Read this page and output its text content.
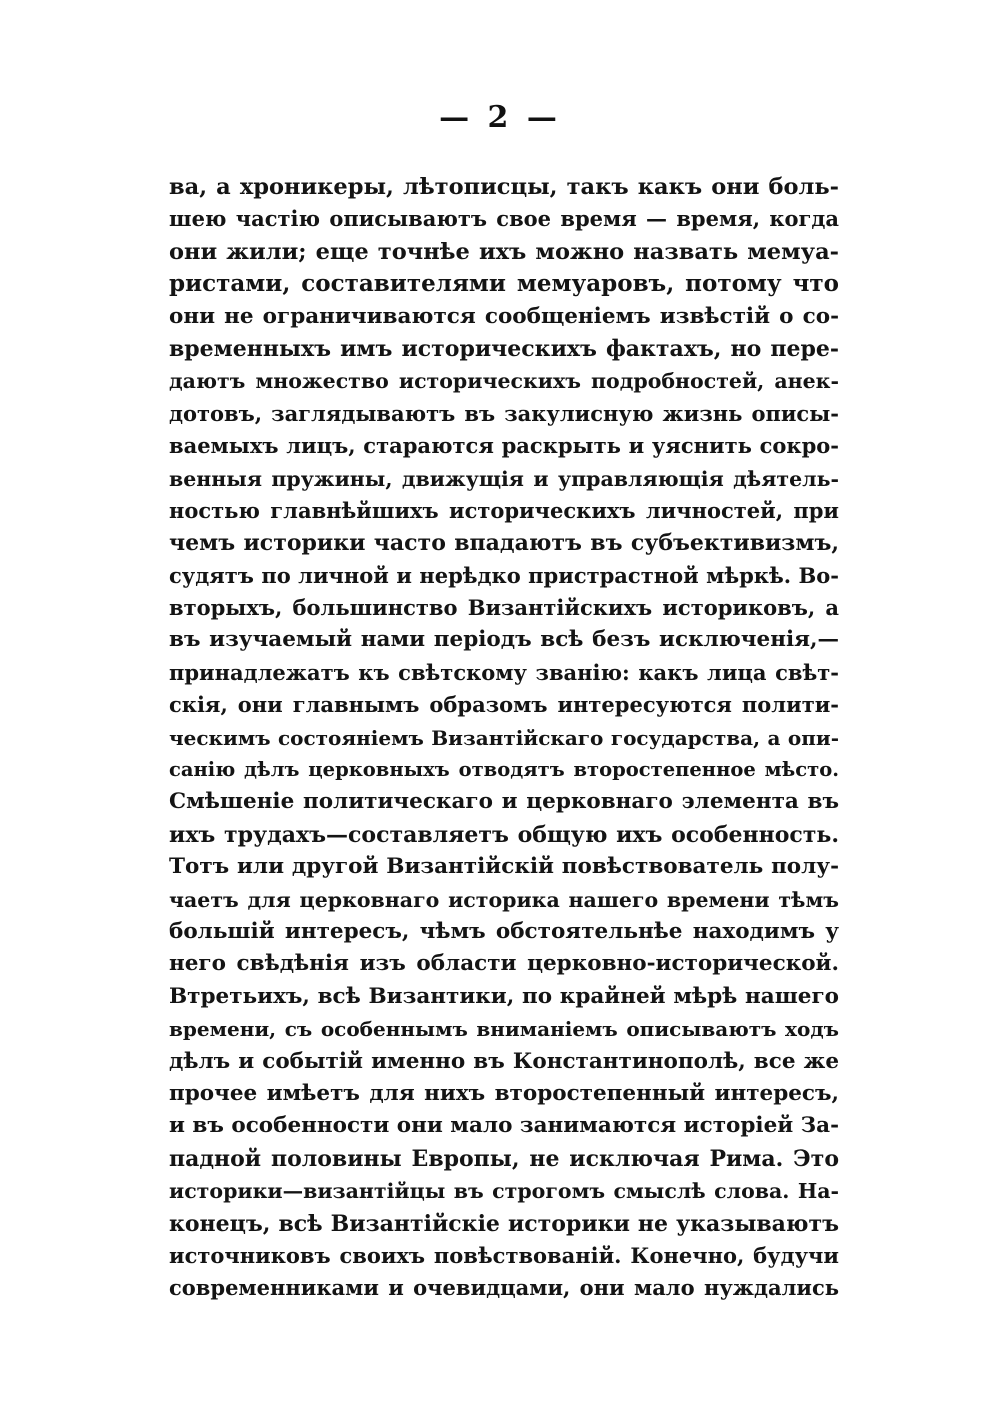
— 2 —
ва, а хроникеры, лѣтописцы, такъ какъ они боль-
шею частію описываютъ свое время — время, когда
они жили; еще точнѣе ихъ можно назвать мемуа-
ристами, составителями мемуаровъ, потому что
они не ограничиваются сообщеніемъ извѣстій о со-
временныхъ имъ историческихъ фактахъ, но пере-
даютъ множество историческихъ подробностей, анек-
дотовъ, заглядываютъ въ закулисную жизнь описы-
ваемыхъ лицъ, стараются раскрыть и уяснить сокро-
венныя пружины, движущія и управляющія дѣятель-
ностью главнѣйшихъ историческихъ личностей, при
чемъ историки часто впадаютъ въ субъективизмъ,
судятъ по личной и нерѣдко пристрастной мѣркѣ. Во-
вторыхъ, большинство Византійскихъ историковъ, а
въ изучаемый нами періодъ всѣ безъ исключенія,—
принадлежатъ къ свѣтскому званію: какъ лица свѣт-
скія, они главнымъ образомъ интересуются полити-
ческимъ состояніемъ Византійскаго государства, а опи-
санію дѣлъ церковныхъ отводятъ второстепенное мѣсто.
Смѣшеніе политическаго и церковнаго элемента въ
ихъ трудахъ—составляетъ общую ихъ особенность.
Тотъ или другой Византійскій повѣствователь полу-
чаетъ для церковнаго историка нашего времени тѣмъ
большій интересъ, чѣмъ обстоятельнѣе находимъ у
него свѣдѣнія изъ области церковно-исторической.
Втретьихъ, всѣ Византики, по крайней мѣрѣ нашего
времени, съ особеннымъ вниманіемъ описываютъ ходъ
дѣлъ и событій именно въ Константинополѣ, все же
прочее имѣетъ для нихъ второстепенный интересъ,
и въ особенности они мало занимаются исторіей За-
падной половины Европы, не исключая Рима. Это
историки—византійцы въ строгомъ смыслѣ слова. На-
конецъ, всѣ Византійскіе историки не указываютъ
источниковъ своихъ повѣствованій. Конечно, будучи
современниками и очевидцами, они мало нуждались
